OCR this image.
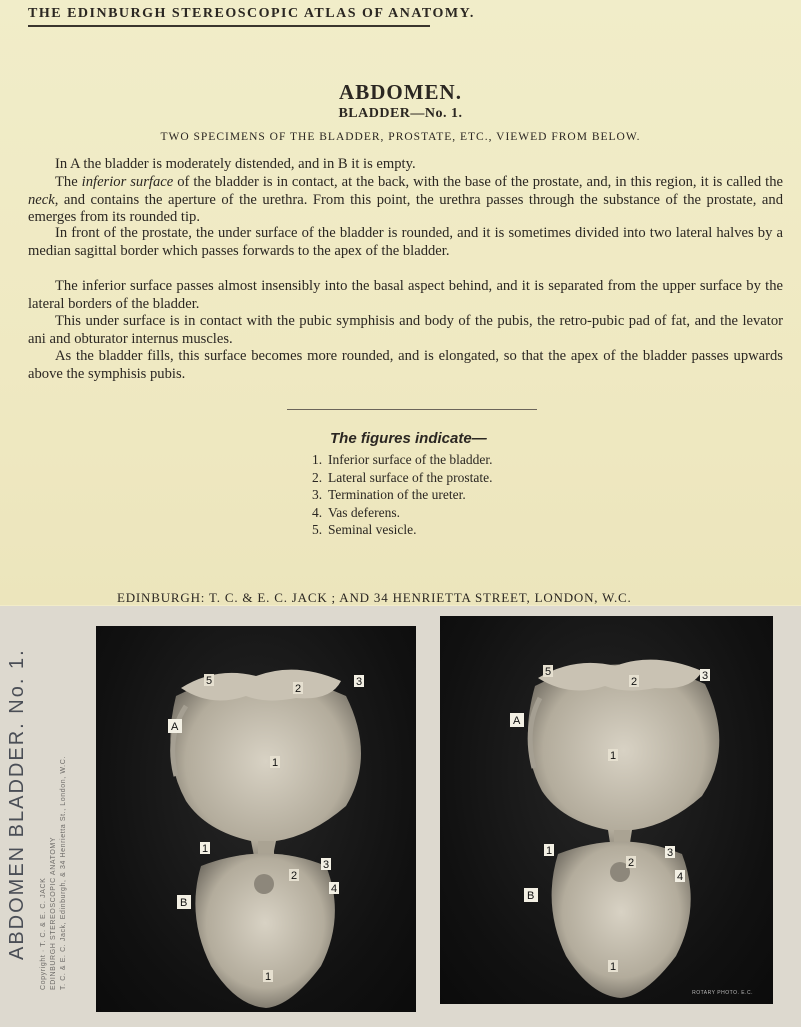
THE EDINBURGH STEREOSCOPIC ATLAS OF ANATOMY.
ABDOMEN.
BLADDER—No. 1.
TWO SPECIMENS OF THE BLADDER, PROSTATE, ETC., VIEWED FROM BELOW.

In A the bladder is moderately distended, and in B it is empty.

The inferior surface of the bladder is in contact, at the back, with the base of the prostate, and, in this region, it is called the neck, and contains the aperture of the urethra. From this point, the urethra passes through the substance of the prostate, and emerges from its rounded tip.

In front of the prostate, the under surface of the bladder is rounded, and it is sometimes divided into two lateral halves by a median sagittal border which passes forwards to the apex of the bladder.

The inferior surface passes almost insensibly into the basal aspect behind, and it is separated from the upper surface by the lateral borders of the bladder.

This under surface is in contact with the pubic symphisis and body of the pubis, the retro-pubic pad of fat, and the levator ani and obturator internus muscles.

As the bladder fills, this surface becomes more rounded, and is elongated, so that the apex of the bladder passes upwards above the symphisis pubis.

The figures indicate—
1. Inferior surface of the bladder.
2. Lateral surface of the prostate.
3. Termination of the ureter.
4. Vas deferens.
5. Seminal vesicle.
EDINBURGH: T. C. & E. C. JACK ; AND 34 HENRIETTA STREET, LONDON, W.C.
ABDOMEN BLADDER. No. 1. Copyright · T. C. & E. C. JACK EDINBURGH STEREOSCOPIC ANATOMY T. C. & E. C. Jack, Edinburgh, & 34 Henrietta St., London, W.C.
A
B
5
2
3
1
1
2
3
4
1
A
B
5
2	3
1
1
2
3
4
1
ROTARY PHOTO. E.C.
